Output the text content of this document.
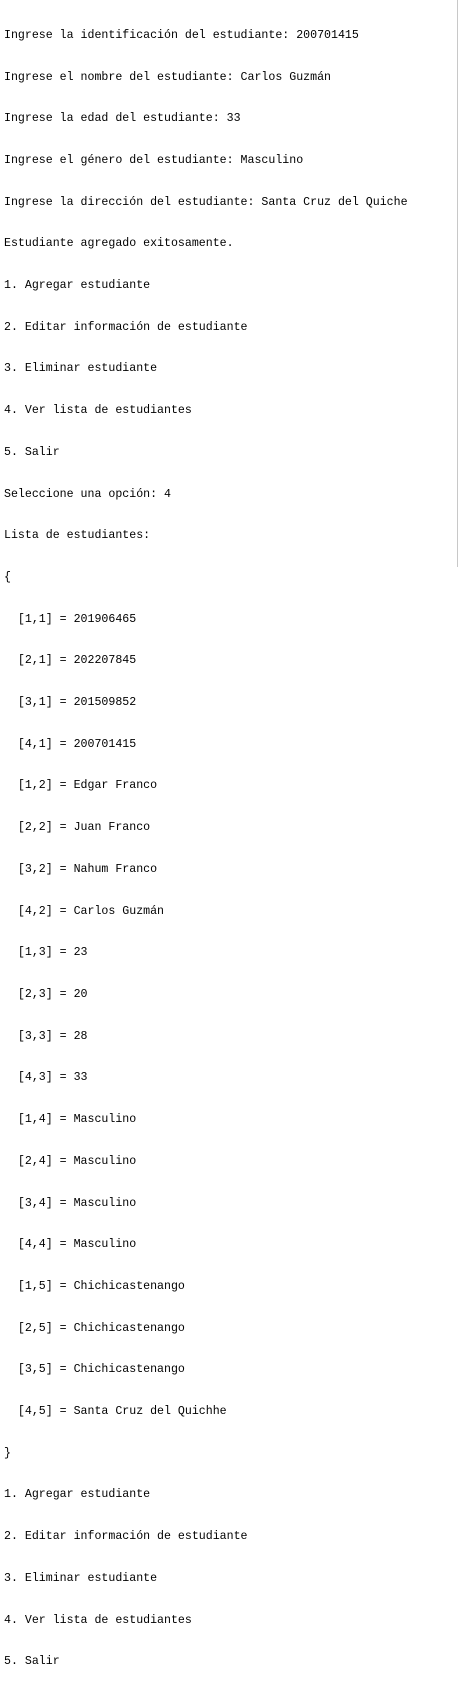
Ingrese la identificación del estudiante: 200701415

Ingrese el nombre del estudiante: Carlos Guzmán

Ingrese la edad del estudiante: 33

Ingrese el género del estudiante: Masculino

Ingrese la dirección del estudiante: Santa Cruz del Quiche

Estudiante agregado exitosamente.

1. Agregar estudiante

2. Editar información de estudiante

3. Eliminar estudiante

4. Ver lista de estudiantes

5. Salir

Seleccione una opción: 4

Lista de estudiantes:

{

[1,1] = 201906465

[2,1] = 202207845

[3,1] = 201509852

[4,1] = 200701415

[1,2] = Edgar Franco

[2,2] = Juan Franco

[3,2] = Nahum Franco

[4,2] = Carlos Guzmán

[1,3] = 23

[2,3] = 20

[3,3] = 28

[4,3] = 33

[1,4] = Masculino

[2,4] = Masculino

[3,4] = Masculino

[4,4] = Masculino

[1,5] = Chichicastenango

[2,5] = Chichicastenango

[3,5] = Chichicastenango

[4,5] = Santa Cruz del Quichhe

}

1. Agregar estudiante

2. Editar información de estudiante

3. Eliminar estudiante

4. Ver lista de estudiantes

5. Salir
